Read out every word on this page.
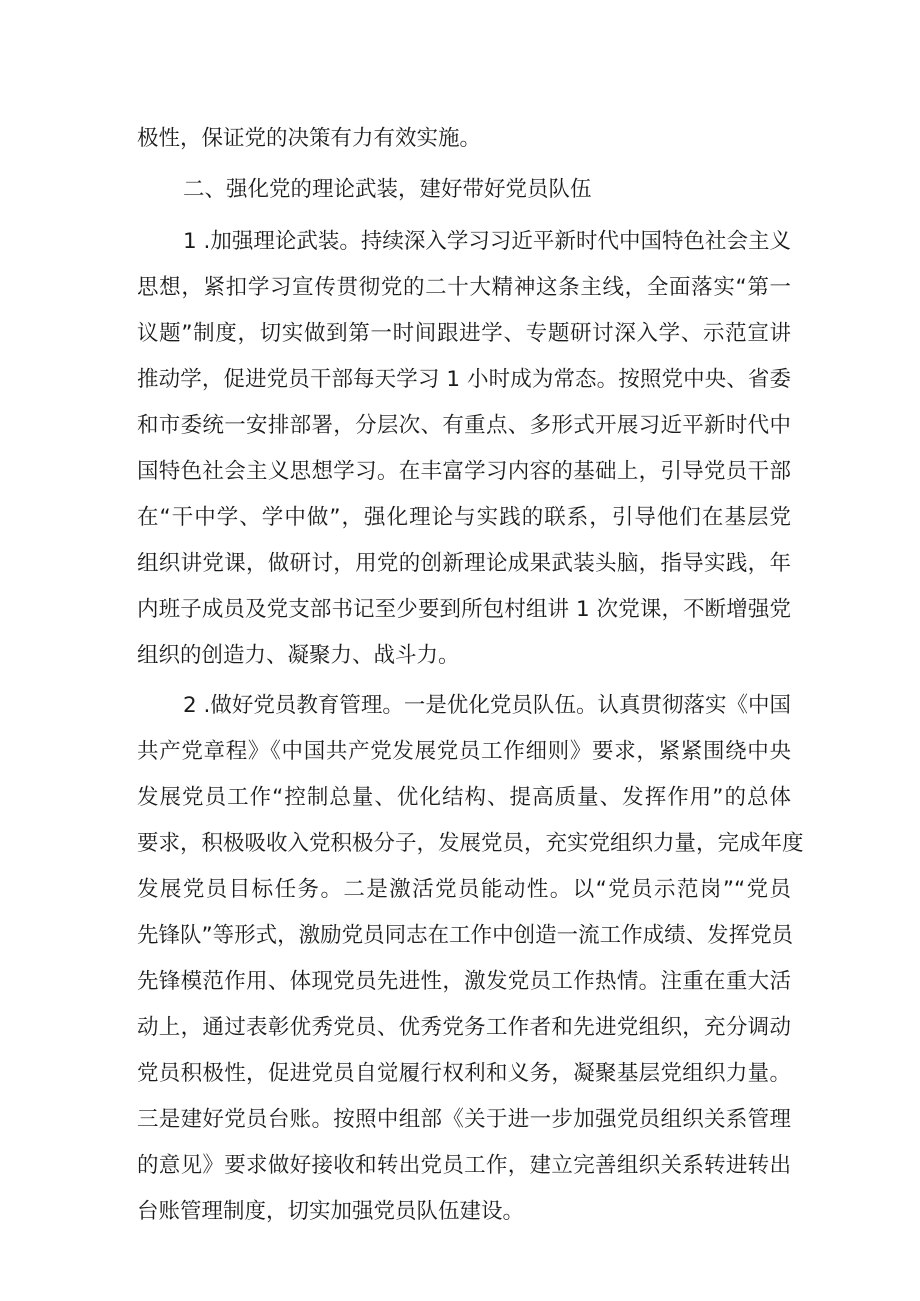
极性，保证党的决策有力有效实施。

二、强化党的理论武装，建好带好党员队伍

1 .加强理论武装。持续深入学习习近平新时代中国特色社会主义

思想，紧扣学习宣传贯彻党的二十大精神这条主线，全面落实“第一

议题”制度，切实做到第一时间跟进学、专题研讨深入学、示范宣讲

推动学，促进党员干部每天学习 1 小时成为常态。按照党中央、省委

和市委统一安排部署，分层次、有重点、多形式开展习近平新时代中

国特色社会主义思想学习。在丰富学习内容的基础上，引导党员干部

在“干中学、学中做”，强化理论与实践的联系，引导他们在基层党

组织讲党课，做研讨，用党的创新理论成果武装头脑，指导实践，年

内班子成员及党支部书记至少要到所包村组讲 1 次党课，不断增强党

组织的创造力、凝聚力、战斗力。

2 .做好党员教育管理。一是优化党员队伍。认真贯彻落实《中国

共产党章程》《中国共产党发展党员工作细则》要求，紧紧围绕中央

发展党员工作“控制总量、优化结构、提高质量、发挥作用”的总体

要求，积极吸收入党积极分子，发展党员，充实党组织力量，完成年度

发展党员目标任务。二是激活党员能动性。以“党员示范岗”“党员

先锋队”等形式，激励党员同志在工作中创造一流工作成绩、发挥党员

先锋模范作用、体现党员先进性，激发党员工作热情。注重在重大活

动上，通过表彰优秀党员、优秀党务工作者和先进党组织，充分调动

党员积极性，促进党员自觉履行权利和义务，凝聚基层党组织力量。

三是建好党员台账。按照中组部《关于进一步加强党员组织关系管理

的意见》要求做好接收和转出党员工作，建立完善组织关系转进转出

台账管理制度，切实加强党员队伍建设。
